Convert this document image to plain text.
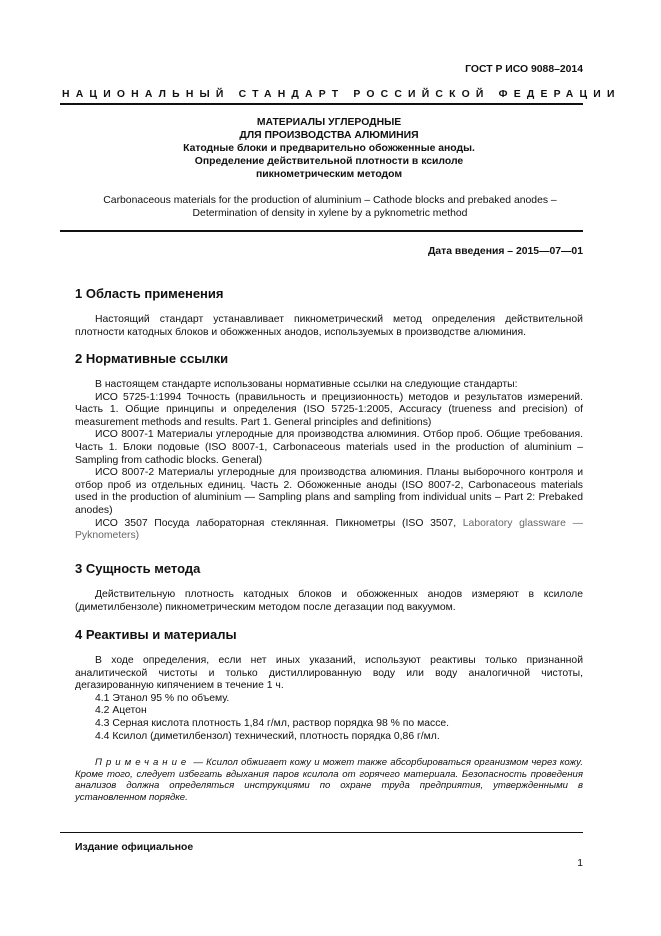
ГОСТ Р ИСО 9088–2014
НАЦИОНАЛЬНЫЙ СТАНДАРТ РОССИЙСКОЙ ФЕДЕРАЦИИ
МАТЕРИАЛЫ УГЛЕРОДНЫЕ
ДЛЯ ПРОИЗВОДСТВА АЛЮМИНИЯ
Катодные блоки и предварительно обожженные аноды.
Определение действительной плотности в ксилоле
пикнометрическим методом
Carbonaceous materials for the production of aluminium – Cathode blocks and prebaked anodes –
Determination of density in xylene by a pyknometric method
Дата введения – 2015—07—01
1 Область применения

Настоящий стандарт устанавливает пикнометрический метод определения действительной плотности катодных блоков и обожженных анодов, используемых в производстве алюминия.

2 Нормативные ссылки

В настоящем стандарте использованы нормативные ссылки на следующие стандарты:

ИСО 5725-1:1994 Точность (правильность и прецизионность) методов и результатов измерений. Часть 1. Общие принципы и определения (ISO 5725-1:2005, Accuracy (trueness and precision) of measurement methods and results. Part 1. General principles and definitions)

ИСО 8007-1 Материалы углеродные для производства алюминия. Отбор проб. Общие требования. Часть 1. Блоки подовые (ISO 8007-1, Carbonaceous materials used in the production of aluminium – Sampling from cathodic blocks. General)

ИСО 8007-2 Материалы углеродные для производства алюминия. Планы выборочного контроля и отбор проб из отдельных единиц. Часть 2. Обожженные аноды (ISO 8007-2, Carbonaceous materials used in the production of aluminium — Sampling plans and sampling from individual units – Part 2: Prebaked anodes)

ИСО 3507 Посуда лабораторная стеклянная. Пикнометры (ISO 3507, Laboratory glassware — Pyknometers)

3 Сущность метода

Действительную плотность катодных блоков и обожженных анодов измеряют в ксилоле (диметилбензоле) пикнометрическим методом после дегазации под вакуумом.

4 Реактивы и материалы

В ходе определения, если нет иных указаний, используют реактивы только признанной аналитической чистоты и только дистиллированную воду или воду аналогичной чистоты, дегазированную кипячением в течение 1 ч.

4.1 Этанол 95 % по объему.

4.2 Ацетон

4.3 Серная кислота плотность 1,84 г/мл, раствор порядка 98 % по массе.

4.4 Ксилол (диметилбензол) технический, плотность порядка 0,86 г/мл.

Примечание — Ксилол обжигает кожу и может также абсорбироваться организмом через кожу. Кроме того, следует избегать вдыхания паров ксилола от горячего материала. Безопасность проведения анализов должна определяться инструкциями по охране труда предприятия, утвержденными в установленном порядке.
Издание официальное
1
